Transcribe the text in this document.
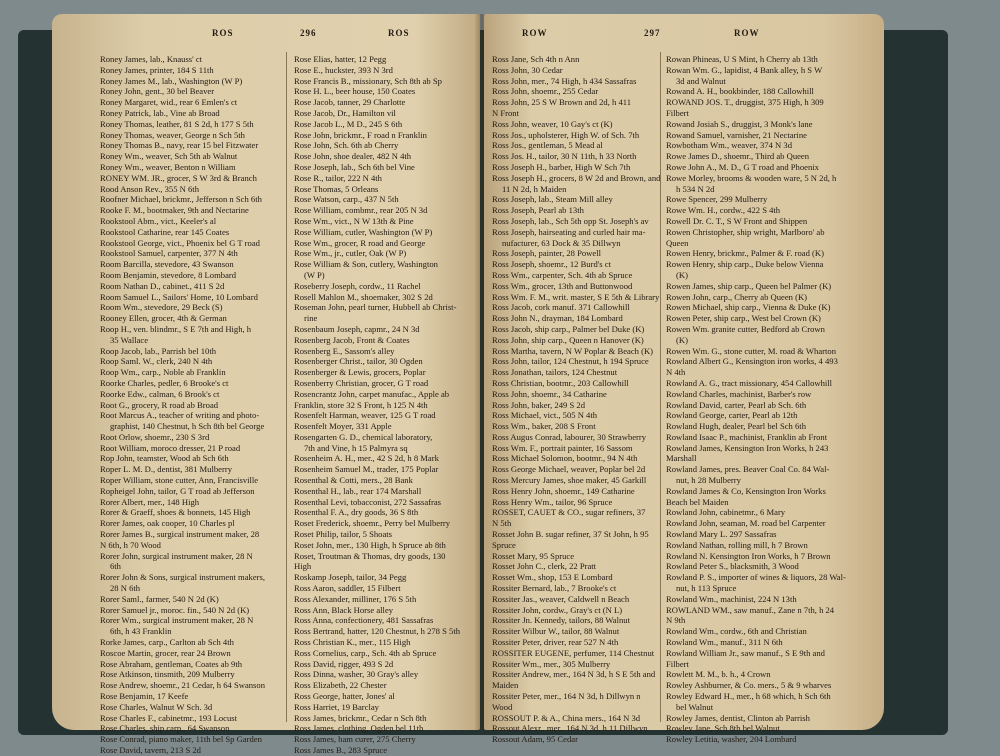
ROS	296	ROS
Roney James, lab., Knauss' ct
Roney James, printer, 184 S 11th
Roney James M., lab., Washington (W P)
Roney John, gent., 30 bel Beaver
Roney Margaret, wid., rear 6 Emlen's ct
Roney Patrick, lab., Vine ab Broad
Roney Thomas, leather, 81 S 2d, h 177 S 5th
Roney Thomas, weaver, George n Sch 5th
Roney Thomas B., navy, rear 15 bel Fitzwater
Roney Wm., weaver, Sch 5th ab Walnut
Roney Wm., weaver, Benton n William
RONEY WM. JR., grocer, S W 3rd & Branch
Rood Anson Rev., 355 N 6th
Roofner Michael, brickmr., Jefferson n Sch 6th
Rooke F. M., bootmaker, 9th and Nectarine
Rookstool Abm., vict., Keeler's al
Rookstool Catharine, rear 145 Coates
Rookstool George, vict., Phoenix bel G T road
Rookstool Samuel, carpenter, 377 N 4th
Room Barcilla, stevedore, 43 Swanson
Room Benjamin, stevedore, 8 Lombard
Room Nathan D., cabinet., 411 S 2d
Room Samuel L., Sailors' Home, 10 Lombard
Room Wm., stevedore, 29 Beck (S)
Rooney Ellen, grocer, 4th & German
Roop H., ven. blindmr., S E 7th and High, h
35 Wallace
Roop Jacob, lab., Parrish bel 10th
Roop Saml. W., clerk, 240 N 4th
Roop Wm., carp., Noble ab Franklin
Roorke Charles, pedler, 6 Brooke's ct
Roorke Edw., calman, 6 Brook's ct
Root G., grocery, R road ab Broad
Root Marcus A., teacher of writing and photo-
graphist, 140 Chestnut, h Sch 8th bel George
Root Orlow, shoemr., 230 S 3rd
Root William, moroco dresser, 21 P road
Rop John, teamster, Wood ab Sch 6th
Roper L. M. D., dentist, 381 Mulberry
Roper William, stone cutter, Ann, Francisville
Ropheigel John, tailor, G T road ab Jefferson
Rorer Albert, mer., 148 High
Rorer & Graeff, shoes & bonnets, 145 High
Rorer James, oak cooper, 10 Charles pl
Rorer James B., surgical instrument maker, 28
N 6th, h 70 Wood
Rorer John, surgical instrument maker, 28 N
6th
Rorer John & Sons, surgical instrument makers,
28 N 6th
Rorer Saml., farmer, 540 N 2d (K)
Rorer Samuel jr., moroc. fin., 540 N 2d (K)
Rorer Wm., surgical instrument maker, 28 N
6th, h 43 Franklin
Rorke James, carp., Carlton ab Sch 4th
Roscoe Martin, grocer, rear 24 Brown
Rose Abraham, gentleman, Coates ab 9th
Rose Atkinson, tinsmith, 209 Mulberry
Rose Andrew, shoemr., 21 Cedar, h 64 Swanson
Rose Benjamin, 17 Keefe
Rose Charles, Walnut W Sch. 3d
Rose Charles F., cabinetmr., 193 Locust
Rose Charles, ship carp., 64 Swanson
Rose Conrad, piano maker, 11th bel Sp Garden
Rose David, tavern, 213 S 2d
Rose Elias, hatter, 12 Pegg
Rose E., huckster, 393 N 3rd
Rose Francis B., missionary, Sch 8th ab Sp
Rose H. L., beer house, 150 Coates
Rose Jacob, tanner, 29 Charlotte
Rose Jacob, Dr., Hamilton vil
Rose Jacob L., M D., 245 S 6th
Rose John, brickmr., F road n Franklin
Rose John, Sch. 6th ab Cherry
Rose John, shoe dealer, 482 N 4th
Rose Joseph, lab., Sch 6th bel Vine
Rose R., tailor, 222 N 4th
Rose Thomas, 5 Orleans
Rose Watson, carp., 437 N 5th
Rose William, combmr., rear 205 N 3d
Rose Wm., vict., N W 13th & Pine
Rose William, cutler, Washington (W P)
Rose Wm., grocer, R road and George
Rose Wm., jr., cutler, Oak (W P)
Rose William & Son, cutlery, Washington
(W P)
Roseberry Joseph, cordw., 11 Rachel
Rosell Mahlon M., shoemaker, 302 S 2d
Roseman John, pearl turner, Hubbell ab Christ-
rine
Rosenbaum Joseph, capmr., 24 N 3d
Rosenberg Jacob, Front & Coates
Rosenberg E., Sassom's alley
Rosenberger Christ., tailor, 30 Ogden
Rosenberger & Lewis, grocers, Poplar
Rosenberry Christian, grocer, G T road
Rosencrantz John, carpet manufac., Apple ab
Franklin, store 32 S Front, h 125 N 4th
Rosenfelt Harman, weaver, 125 G T road
Rosenfelt Moyer, 331 Apple
Rosengarten G. D., chemical laboratory,
7th and Vine, h 15 Palmyra sq
Rosenheim A. H., mer., 42 S 2d, h 8 Mark
Rosenheim Samuel M., trader, 175 Poplar
Rosenthal & Cotti, mers., 28 Bank
Rosenthal H., lab., rear 174 Marshall
Rosenthal Levi, tobacconist, 272 Sassafras
Rosenthal F. A., dry goods, 36 S 8th
Roset Frederick, shoemr., Perry bel Mulberry
Roset Philip, tailor, 5 Shoats
Roset John, mer., 130 High, h Spruce ab 8th
Roset, Troutman & Thomas, dry goods, 130
High
Roskamp Joseph, tailor, 34 Pegg
Ross Aaron, saddler, 15 Filbert
Ross Alexander, milliner, 176 S 5th
Ross Ann, Black Horse alley
Ross Anna, confectionery, 481 Sassafras
Ross Bertrand, hatter, 120 Chestnut, h 278 S 5th
Ross Christian K., mer., 115 High
Ross Cornelius, carp., Sch. 4th ab Spruce
Ross David, rigger, 493 S 2d
Ross Dinna, washer, 30 Gray's alley
Ross Elizabeth, 22 Chester
Ross George, hatter, Jones' al
Ross Harriet, 19 Barclay
Ross James, brickmr., Cedar n Sch 8th
Ross James, clothing, Ogden bel 11th
Ross James, ham curer, 275 Cherry
Ross James B., 283 Spruce
ROW	297	ROW
Ross Jane, Sch 4th n Ann
Ross John, 30 Cedar
Ross John, mer., 74 High, h 434 Sassafras
Ross John, shoemr., 255 Cedar
Ross John, 25 S W Brown and 2d, h 411
N Front
Ross John, weaver, 10 Gay's ct (K)
Ross Jos., upholsterer, High W. of Sch. 7th
Ross Jos., gentleman, 5 Mead al
Ross Jos. H., tailor, 30 N 11th, h 33 North
Ross Joseph H., barber, High W Sch 7th
Ross Joseph H., grocers, 8 W 2d and Brown, and
11 N 2d, h Maiden
Ross Joseph, lab., Steam Mill alley
Ross Joseph, Pearl ab 13th
Ross Joseph, lab., Sch 5th opp St. Joseph's av
Ross Joseph, hairseating and curled hair ma-
nufacturer, 63 Dock & 35 Dillwyn
Ross Joseph, painter, 28 Powell
Ross Joseph, shoemr., 12 Burd's ct
Ross Wm., carpenter, Sch. 4th ab Spruce
Ross Wm., grocer, 13th and Buttonwood
Ross Wm. F. M., writ. master, S E 5th & Library
Ross Jacob, cork manuf. 371 Callowhill
Ross John N., drayman, 184 Lombard
Ross Jacob, ship carp., Palmer bel Duke (K)
Ross John, ship carp., Queen n Hanover (K)
Ross Martha, tavern, N W Poplar & Beach (K)
Ross John, tailor, 124 Chestnut, h 194 Spruce
Ross Jonathan, tailors, 124 Chestnut
Ross Christian, bootmr., 203 Callowhill
Ross John, shoemr., 34 Catharine
Ross John, baker, 249 S 2d
Ross Michael, vict., 505 N 4th
Ross Wm., baker, 208 S Front
Ross Augus Conrad, labourer, 30 Strawberry
Ross Wm. F., portrait painter, 16 Sassom
Ross Michael Solomon, bootmr., 94 N 4th
Ross George Michael, weaver, Poplar bel 2d
Ross Mercury James, shoe maker, 45 Garkill
Ross Henry John, shoemr., 149 Catharine
Ross Henry Wm., tailor, 96 Spruce
ROSSET, CAUET & CO., sugar refiners, 37
N 5th
Rosset John B. sugar refiner, 37 St John, h 95
Spruce
Rosset Mary, 95 Spruce
Rosset John C., clerk, 22 Pratt
Rosset Wm., shop, 153 E Lombard
Rossiter Bernard, lab., 7 Brooke's ct
Rossiter Jas., weaver, Caldwell n Beach
Rossiter John, cordw., Gray's ct (N L)
Rossiter Jn. Kennedy, tailors, 88 Walnut
Rossiter Wilbur W., tailor, 88 Walnut
Rossiter Peter, driver, rear 527 N 4th
ROSSITER EUGENE, perfumer, 114 Chestnut
Rossiter Wm., mer., 305 Mulberry
Rossiter Andrew, mer., 164 N 3d, h S E 5th and
Maiden
Rossiter Peter, mer., 164 N 3d, h Dillwyn n
Wood
ROSSOUT P. & A., China mers., 164 N 3d
Rossout Alexr., mer., 164 N 3d, h 11 Dillwyn
Rossout Adam, 95 Cedar
Rowan Phineas, U S Mint, h Cherry ab 13th
Rowan Wm. G., lapidist, 4 Bank alley, h S W
3d and Walnut
Rowand A. H., bookbinder, 188 Callowhill
ROWAND JOS. T., druggist, 375 High, h 309
Filbert
Rowand Josiah S., druggist, 3 Monk's lane
Rowand Samuel, varnisher, 21 Nectarine
Rowbotham Wm., weaver, 374 N 3d
Rowe James D., shoemr., Third ab Queen
Rowe John A., M. D., G T road and Phoenix
Rowe Morley, brooms & wooden ware, 5 N 2d, h
h 534 N 2d
Rowe Spencer, 299 Mulberry
Rowe Wm. H., cordw., 422 S 4th
Rowell Dr. C. T., S W Front and Shippen
Rowen Christopher, ship wright, Marlboro' ab
Queen
Rowen Henry, brickmr., Palmer & F. road (K)
Rowen Henry, ship carp., Duke below Vienna
(K)
Rowen James, ship carp., Queen bel Palmer (K)
Rowen John, carp., Cherry ab Queen (K)
Rowen Michael, ship carp., Vienna & Duke (K)
Rowen Peter, ship carp., West bel Crown (K)
Rowen Wm. granite cutter, Bedford ab Crown
(K)
Rowen Wm. G., stone cutter, M. road & Wharton
Rowland Albert G., Kensington iron works, 4 493
N 4th
Rowland A. G., tract missionary, 454 Callowhill
Rowland Charles, machinist, Barber's row
Rowland David, carter, Pearl ab Sch. 6th
Rowland George, carter, Pearl ab 12th
Rowland Hugh, dealer, Pearl bel Sch 6th
Rowland Isaac P., machinist, Franklin ab Front
Rowland James, Kensington Iron Works, h 243
Marshall
Rowland James, pres. Beaver Coal Co. 84 Wal-
nut, h 28 Mulberry
Rowland James & Co, Kensington Iron Works
Beach bel Maiden
Rowland John, cabinetmr., 6 Mary
Rowland John, seaman, M. road bel Carpenter
Rowland Mary L. 297 Sassafras
Rowland Nathan, rolling mill, h 7 Brown
Rowland N. Kensington Iron Works, h 7 Brown
Rowland Peter S., blacksmith, 3 Wood
Rowland P. S., importer of wines & liquors, 28 Wal-
nut, h 113 Spruce
Rowland Wm., machinist, 224 N 13th
ROWLAND WM., saw manuf., Zane n 7th, h 24
N 9th
Rowland Wm., cordw., 6th and Christian
Rowland Wm., manuf., 311 N 6th
Rowland William Jr., saw manuf., S E 9th and
Filbert
Rowlett M. M., b. h., 4 Crown
Rowley Ashburner, & Co. mers., 5 & 9 wharves
Rowley Edward H., mer., h 68 which, h Sch 6th
bel Walnut
Rowley James, dentist, Clinton ab Parrish
Rowley Jane, Sch 8th bel Walnut
Rowley Letitia, washer, 204 Lombard
